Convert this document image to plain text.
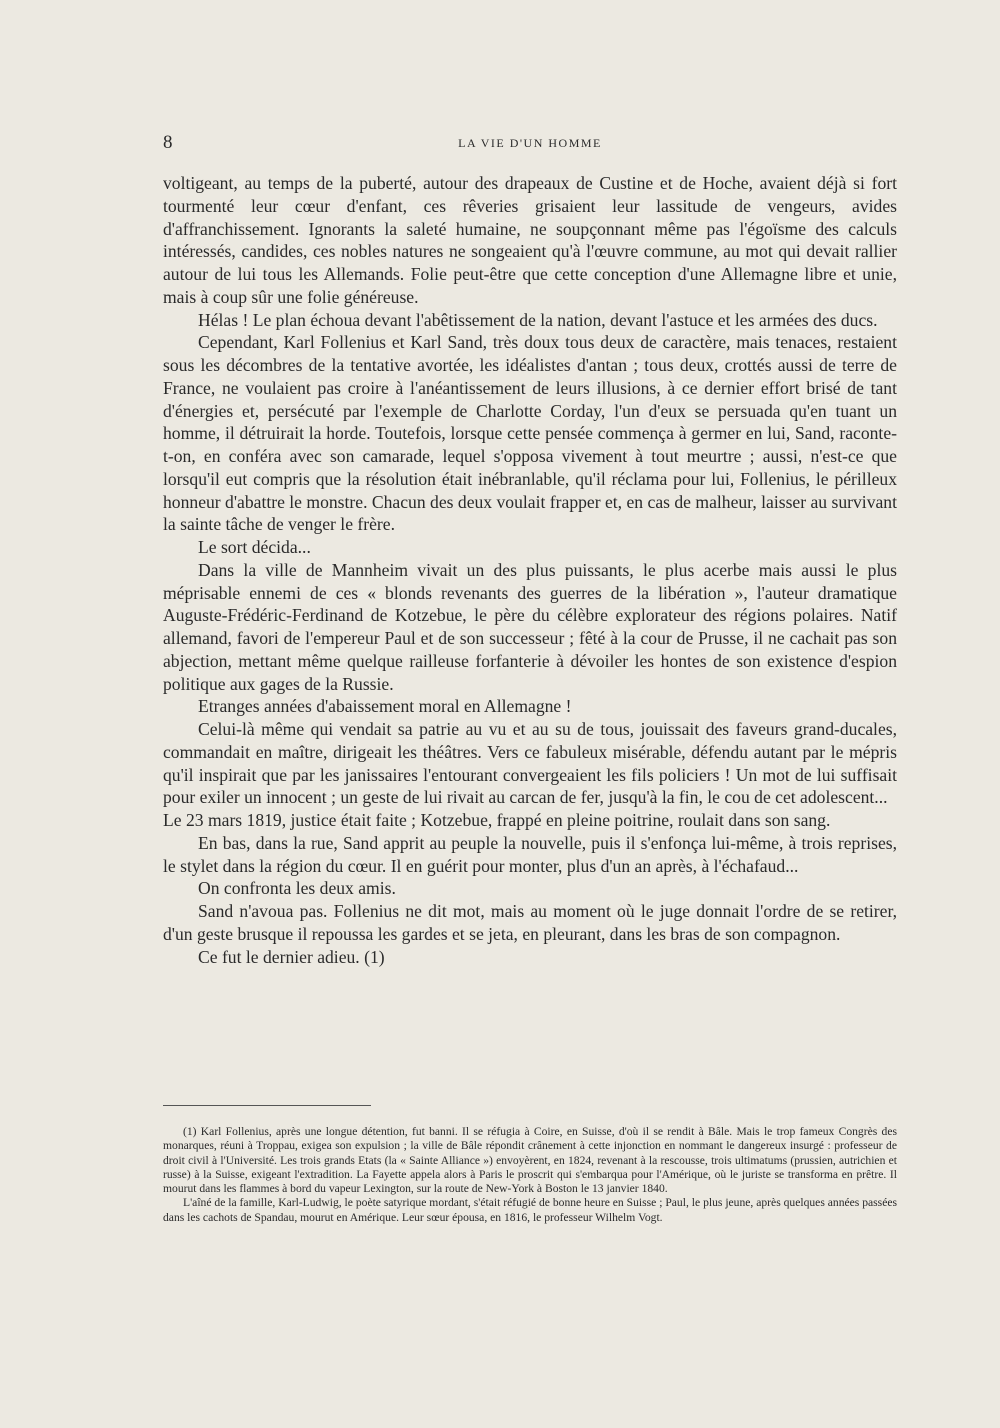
8	LA VIE D'UN HOMME

voltigeant, au temps de la puberté, autour des drapeaux de Custine et de Hoche, avaient déjà si fort tourmenté leur cœur d'enfant, ces rêveries grisaient leur lassitude de vengeurs, avides d'affranchissement. Ignorants la saleté humaine, ne soupçonnant même pas l'égoïsme des calculs intéressés, candides, ces nobles natures ne songeaient qu'à l'œuvre commune, au mot qui devait rallier autour de lui tous les Allemands. Folie peut-être que cette conception d'une Allemagne libre et unie, mais à coup sûr une folie généreuse.

Hélas ! Le plan échoua devant l'abêtissement de la nation, devant l'astuce et les armées des ducs.

Cependant, Karl Follenius et Karl Sand, très doux tous deux de caractère, mais tenaces, restaient sous les décombres de la tentative avortée, les idéalistes d'antan ; tous deux, crottés aussi de terre de France, ne voulaient pas croire à l'anéantissement de leurs illusions, à ce dernier effort brisé de tant d'énergies et, persécuté par l'exemple de Charlotte Corday, l'un d'eux se persuada qu'en tuant un homme, il détruirait la horde. Toutefois, lorsque cette pensée commença à germer en lui, Sand, raconte-t-on, en conféra avec son camarade, lequel s'opposa vivement à tout meurtre ; aussi, n'est-ce que lorsqu'il eut compris que la résolution était inébranlable, qu'il réclama pour lui, Follenius, le périlleux honneur d'abattre le monstre. Chacun des deux voulait frapper et, en cas de malheur, laisser au survivant la sainte tâche de venger le frère.

Le sort décida...

Dans la ville de Mannheim vivait un des plus puissants, le plus acerbe mais aussi le plus méprisable ennemi de ces « blonds revenants des guerres de la libération », l'auteur dramatique Auguste-Frédéric-Ferdinand de Kotzebue, le père du célèbre explorateur des régions polaires. Natif allemand, favori de l'empereur Paul et de son successeur ; fêté à la cour de Prusse, il ne cachait pas son abjection, mettant même quelque railleuse forfanterie à dévoiler les hontes de son existence d'espion politique aux gages de la Russie.

Etranges années d'abaissement moral en Allemagne !

Celui-là même qui vendait sa patrie au vu et au su de tous, jouissait des faveurs grand-ducales, commandait en maître, dirigeait les théâtres. Vers ce fabuleux misérable, défendu autant par le mépris qu'il inspirait que par les janissaires l'entourant convergeaient les fils policiers ! Un mot de lui suffisait pour exiler un innocent ; un geste de lui rivait au carcan de fer, jusqu'à la fin, le cou de cet adolescent...

Le 23 mars 1819, justice était faite ; Kotzebue, frappé en pleine poitrine, roulait dans son sang.

En bas, dans la rue, Sand apprit au peuple la nouvelle, puis il s'enfonça lui-même, à trois reprises, le stylet dans la région du cœur. Il en guérit pour monter, plus d'un an après, à l'échafaud...

On confronta les deux amis.

Sand n'avoua pas. Follenius ne dit mot, mais au moment où le juge donnait l'ordre de se retirer, d'un geste brusque il repoussa les gardes et se jeta, en pleurant, dans les bras de son compagnon.

Ce fut le dernier adieu. (1)

(1) Karl Follenius, après une longue détention, fut banni. Il se réfugia à Coire, en Suisse, d'où il se rendit à Bâle. Mais le trop fameux Congrès des monarques, réuni à Troppau, exigea son expulsion ; la ville de Bâle répondit crânement à cette injonction en nommant le dangereux insurgé : professeur de droit civil à l'Université. Les trois grands Etats (la « Sainte Alliance ») envoyèrent, en 1824, revenant à la rescousse, trois ultimatums (prussien, autrichien et russe) à la Suisse, exigeant l'extradition. La Fayette appela alors à Paris le proscrit qui s'embarqua pour l'Amérique, où le juriste se transforma en prêtre. Il mourut dans les flammes à bord du vapeur Lexington, sur la route de New-York à Boston le 13 janvier 1840.

L'aîné de la famille, Karl-Ludwig, le poète satyrique mordant, s'était réfugié de bonne heure en Suisse ; Paul, le plus jeune, après quelques années passées dans les cachots de Spandau, mourut en Amérique. Leur sœur épousa, en 1816, le professeur Wilhelm Vogt.
